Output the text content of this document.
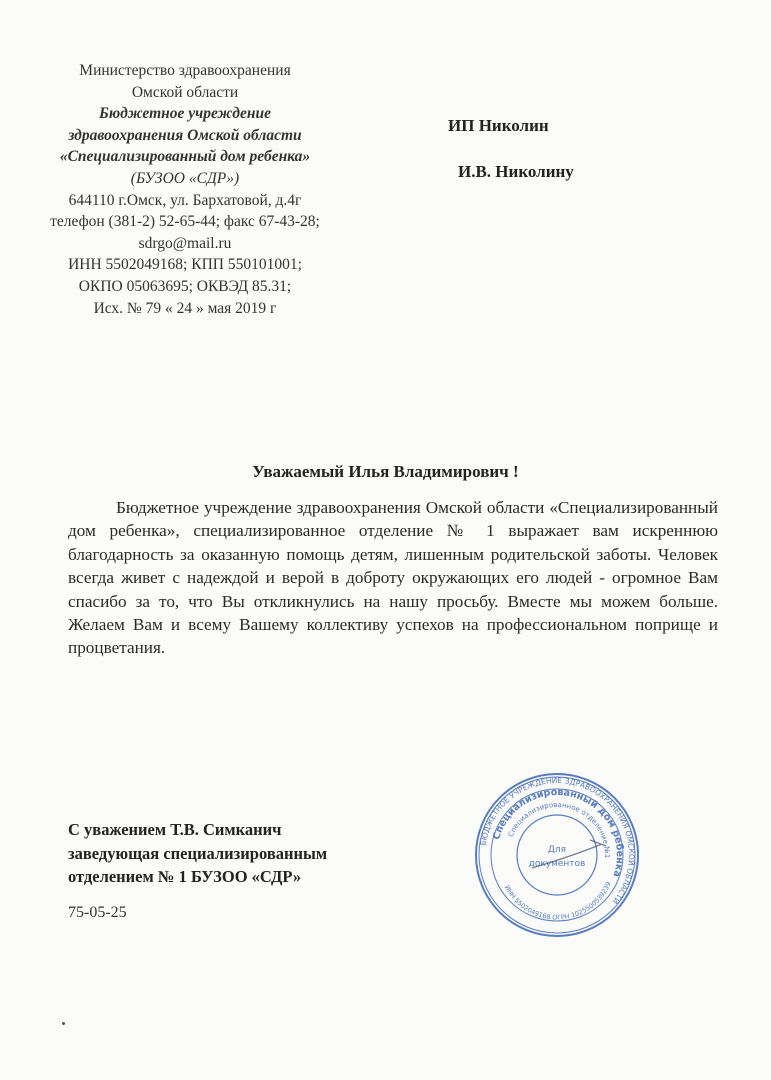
Министерство здравоохранения
Омской области
Бюджетное учреждение
здравоохранения Омской области
«Специализированный дом ребенка»
(БУЗОО «СДР»)
644110 г.Омск, ул. Бархатовой, д.4г
телефон (381-2) 52-65-44; факс 67-43-28;
sdrgo@mail.ru
ИНН 5502049168; КПП 550101001;
ОКПО 05063695; ОКВЭД 85.31;
Исх. № 79 « 24 » мая 2019 г
ИП Николин
И.В. Николину
Уважаемый Илья Владимирович !
Бюджетное учреждение здравоохранения Омской области «Специализированный дом ребенка», специализированное отделение № 1 выражает вам искреннюю благодарность за оказанную помощь детям, лишенным родительской заботы. Человек всегда живет с надеждой и верой в доброту окружающих его людей - огромное Вам спасибо за то, что Вы откликнулись на нашу просьбу. Вместе мы можем больше. Желаем Вам и всему Вашему коллективу успехов на профессиональном поприще и процветания.
С уважением Т.В. Симканич
заведующая специализированным
отделением № 1 БУЗОО «СДР»
75-05-25
БЮДЖЕТНОЕ УЧРЕЖДЕНИЕ ЗДРАВООХРАНЕНИЯ ОМСКОЙ ОБЛАСТИ
Специализированный дом ребенка
Специализированное отделение №1
ИНН 5502049168 ОГРН 1025500539239
Для
документов
